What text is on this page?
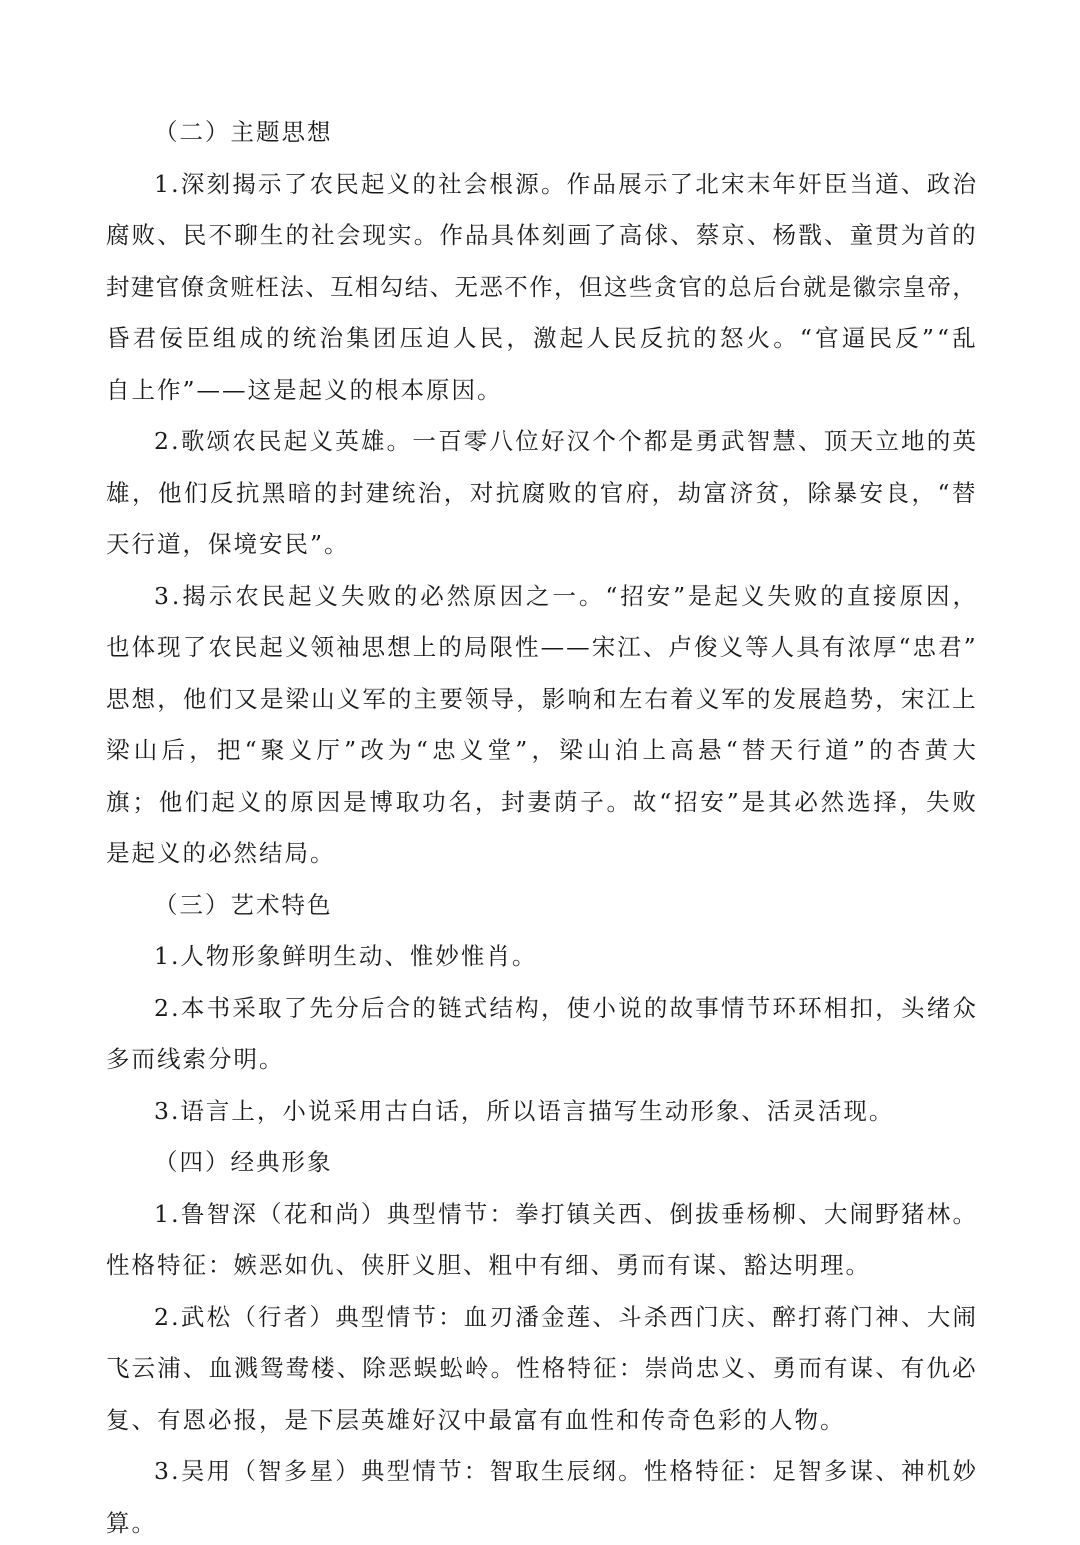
（二）主题思想
1 . 深 刻 揭 示 了 农 民 起 义 的 社 会 根 源 。 作 品 展 示 了 北 宋 末 年 奸 臣 当 道 、 政 治
腐 败 、 民 不 聊 生 的 社 会 现 实 。 作 品 具 体 刻 画 了 高 俅 、 蔡 京 、 杨 戬 、 童 贯 为 首 的
封 建 官 僚 贪 赃 枉 法 、 互 相 勾 结 、 无 恶 不 作 ， 但 这 些 贪 官 的 总 后 台 就 是 徽 宗 皇 帝 ，
昏 君 佞 臣 组 成 的 统 治 集 团 压 迫 人 民 ， 激 起 人 民 反 抗 的 怒 火 。 “ 官 逼 民 反 ” “ 乱
自上作”——这是起义的根本原因。
2 . 歌 颂 农 民 起 义 英 雄 。 一 百 零 八 位 好 汉 个 个 都 是 勇 武 智 慧 、 顶 天 立 地 的 英
雄 ， 他 们 反 抗 黑 暗 的 封 建 统 治 ， 对 抗 腐 败 的 官 府 ， 劫 富 济 贫 ， 除 暴 安 良 ， “ 替
天行道，保境安民”。
3 . 揭 示 农 民 起 义 失 败 的 必 然 原 因 之 一 。 “ 招 安 ” 是 起 义 失 败 的 直 接 原 因 ，
也 体 现 了 农 民 起 义 领 袖 思 想 上 的 局 限 性 — — 宋 江 、 卢 俊 义 等 人 具 有 浓 厚 “ 忠 君 ”
思 想 ， 他 们 又 是 梁 山 义 军 的 主 要 领 导 ， 影 响 和 左 右 着 义 军 的 发 展 趋 势 ， 宋 江 上
梁 山 后 ， 把 “ 聚 义 厅 ” 改 为 “ 忠 义 堂 ” ， 梁 山 泊 上 高 悬 “ 替 天 行 道 ” 的 杏 黄 大
旗 ； 他 们 起 义 的 原 因 是 博 取 功 名 ， 封 妻 荫 子 。 故 “ 招 安 ” 是 其 必 然 选 择 ， 失 败
是起义的必然结局。
（三）艺术特色
1.人物形象鲜明生动、惟妙惟肖。
2 . 本 书 采 取 了 先 分 后 合 的 链 式 结 构 ， 使 小 说 的 故 事 情 节 环 环 相 扣 ， 头 绪 众
多而线索分明。
3.语言上，小说采用古白话，所以语言描写生动形象、活灵活现。
（四）经典形象
1 . 鲁 智 深 （ 花 和 尚 ） 典 型 情 节 ： 拳 打 镇 关 西 、 倒 拔 垂 杨 柳 、 大 闹 野 猪 林 。
性格特征：嫉恶如仇、侠肝义胆、粗中有细、勇而有谋、豁达明理。
2 . 武 松 （ 行 者 ） 典 型 情 节 ： 血 刃 潘 金 莲 、 斗 杀 西 门 庆 、 醉 打 蒋 门 神 、 大 闹
飞 云 浦 、 血 溅 鸳 鸯 楼 、 除 恶 蜈 蚣 岭 。 性 格 特 征 ： 崇 尚 忠 义 、 勇 而 有 谋 、 有 仇 必
复、有恩必报，是下层英雄好汉中最富有血性和传奇色彩的人物。
3 . 吴 用 （ 智 多 星 ） 典 型 情 节 ： 智 取 生 辰 纲 。 性 格 特 征 ： 足 智 多 谋 、 神 机 妙
算。
